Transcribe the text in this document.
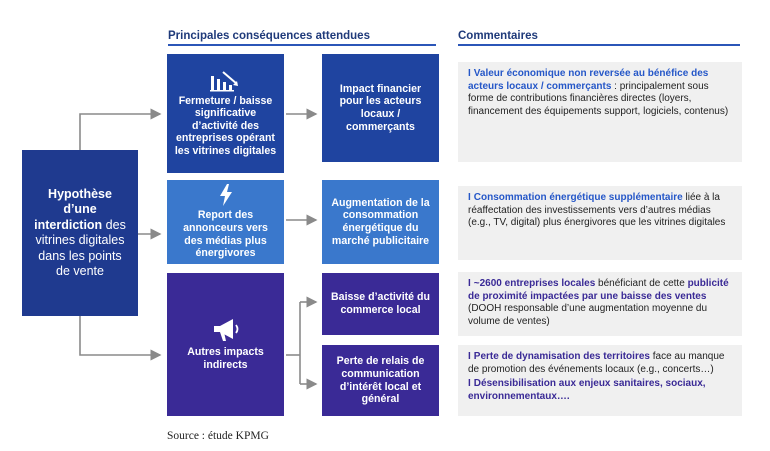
Principales conséquences attendues	Commentaires
Hypothèse d’une interdiction des vitrines digitales dans les points de vente
Fermeture / baisse significative d’activité des entreprises opérant les vitrines digitales
Report des annonceurs vers des médias plus énergivores
Autres impacts indirects
Impact financier pour les acteurs locaux / commerçants
Augmentation de la consommation énergétique du marché publicitaire
Baisse d’activité du commerce local
Perte de relais de communication d’intérêt local et général
I Valeur économique non reversée au bénéfice des acteurs locaux / commerçants : principalement sous forme de contributions financières directes (loyers, financement des équipements support, logiciels, contenus)
I Consommation énergétique supplémentaire liée à la réaffectation des investissements vers d’autres médias (e.g., TV, digital) plus énergivores que les vitrines digitales
I ~2600 entreprises locales bénéficiant de cette publicité de proximité impactées par une baisse des ventes (DOOH responsable d’une augmentation moyenne du volume de ventes)
I Perte de dynamisation des territoires face au manque de promotion des événements locaux (e.g., concerts…)
I Désensibilisation aux enjeux sanitaires, sociaux, environnementaux….
Source : étude KPMG
